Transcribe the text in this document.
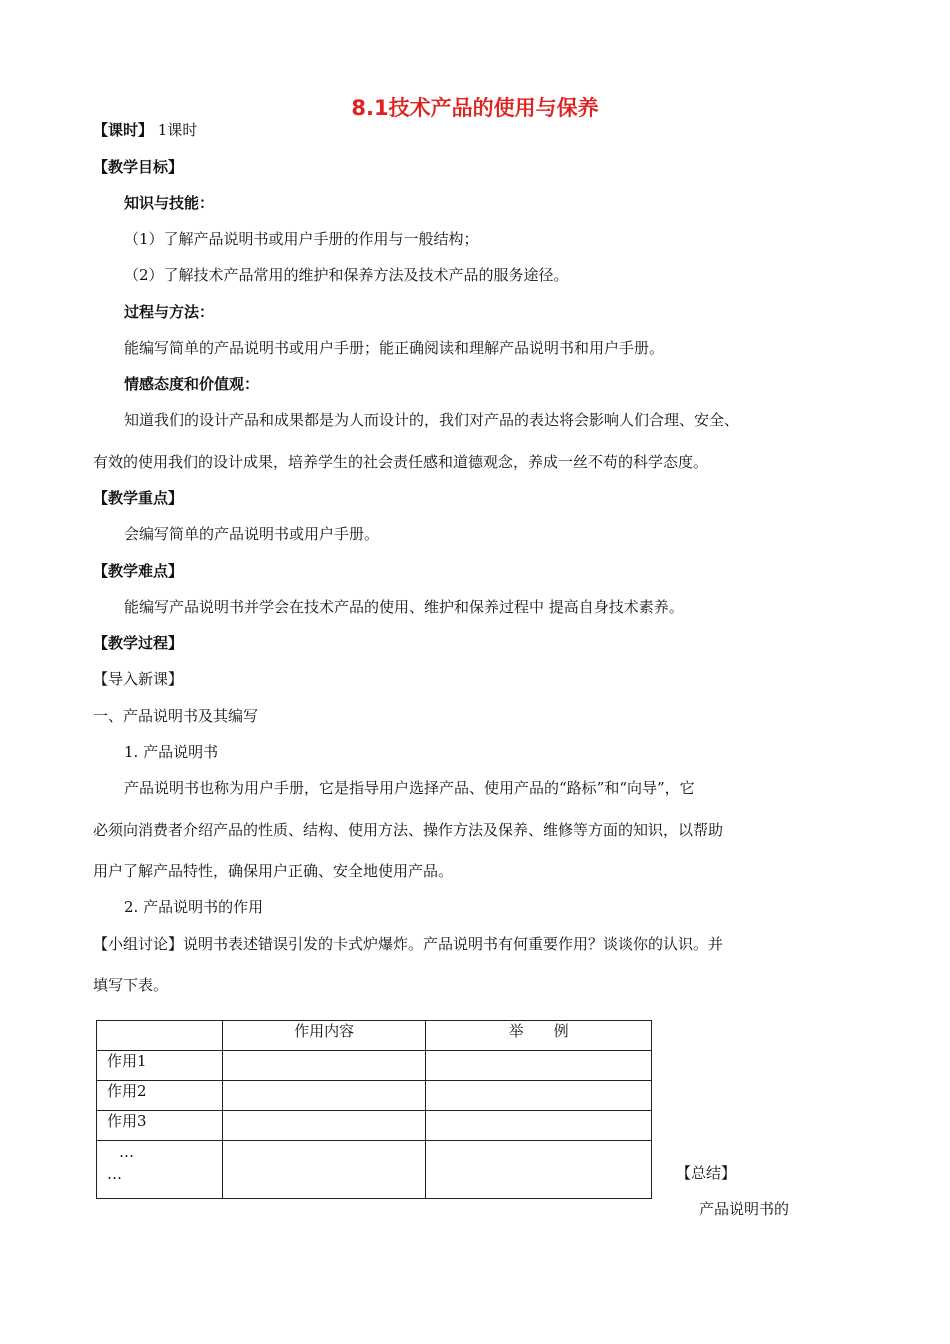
8.1技术产品的使用与保养
【课时】 1课时
【教学目标】
知识与技能：
（1）了解产品说明书或用户手册的作用与一般结构；
（2）了解技术产品常用的维护和保养方法及技术产品的服务途径。
过程与方法：
能编写简单的产品说明书或用户手册；能正确阅读和理解产品说明书和用户手册。
情感态度和价值观：
知道我们的设计产品和成果都是为人而设计的，我们对产品的表达将会影响人们合理、安全、
有效的使用我们的设计成果，培养学生的社会责任感和道德观念，养成一丝不苟的科学态度。
【教学重点】
会编写简单的产品说明书或用户手册。
【教学难点】
能编写产品说明书并学会在技术产品的使用、维护和保养过程中 提高自身技术素养。
【教学过程】
【导入新课】
一、产品说明书及其编写
1. 产品说明书
产品说明书也称为用户手册，它是指导用户选择产品、使用产品的“路标”和“向导”，它
必须向消费者介绍产品的性质、结构、使用方法、操作方法及保养、维修等方面的知识，以帮助
用户了解产品特性，确保用户正确、安全地使用产品。
2. 产品说明书的作用
【小组讨论】说明书表述错误引发的卡式炉爆炸。产品说明书有何重要作用？谈谈你的认识。并
填写下表。
	作用内容	举　　例
作用1		
作用2		
作用3		

…
…		
			【总结】
产品说明书的
